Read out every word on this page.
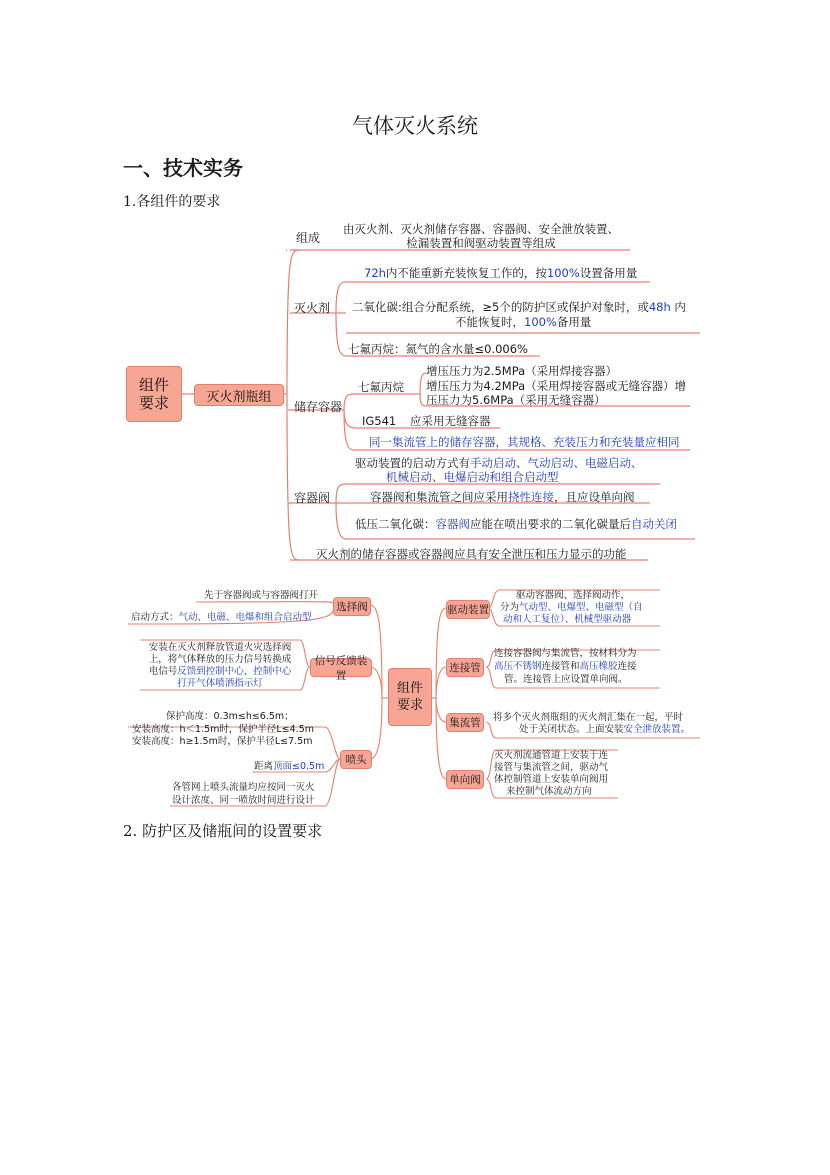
气体灭火系统
一、技术实务
1.各组件的要求
2. 防护区及储瓶间的设置要求
组件
要求	灭火剂瓶组
组成
由灭火剂、灭火剂储存容器、容器阀、安全泄放装置、
检漏装置和阀驱动装置等组成
灭火剂
72h内不能重新充装恢复工作的，按100%设置备用量
二氧化碳:组合分配系统，≥5个的防护区或保护对象时，或48h 内
不能恢复时，100%备用量
七氟丙烷：氮气的含水量≤0.006%
储存容器
七氟丙烷
增压压力为2.5MPa（采用焊接容器）
增压压力为4.2MPa（采用焊接容器或无缝容器）增
压压力为5.6MPa（采用无缝容器）
IG541 应采用无缝容器
同一集流管上的储存容器，其规格、充装压力和充装量应相同
容器阀
驱动装置的启动方式有手动启动、气动启动、电磁启动、
机械启动、电爆启动和组合启动型
容器阀和集流管之间应采用挠性连接，且应设单向阀
低压二氧化碳：容器阀应能在喷出要求的二氧化碳量后自动关闭
灭火剂的储存容器或容器阀应具有安全泄压和压力显示的功能
组件
要求
选择阀
信号反馈装置
喷头
驱动装置
连接管
集流管
单向阀
先于容器阀或与容器阀打开
启动方式：气动、电磁、电爆和组合启动型
安装在灭火剂释放管道火灾选择阀
上，将气体释放的压力信号转换成
电信号反馈到控制中心，控制中心
打开气体喷洒指示灯
保护高度：0.3m≤h≤6.5m；
安装高度：h＜1.5m时，保护半径L≤4.5m
安装高度：h≥1.5m时，保护半径L≤7.5m
距离顶面≤0.5m
各管网上喷头流量均应按同一灭火
设计浓度、同一喷放时间进行设计
驱动容器阀、选择阀动作，
分为气动型、电爆型、电磁型（自
动和人工复位）、机械型驱动器
连接容器阀与集流管，按材料分为
高压不锈钢连接管和高压橡胶连接
管。连接管上应设置单向阀。
将多个灭火剂瓶组的灭火剂汇集在一起，平时
处于关闭状态。上面安装安全泄放装置。
灭火剂流通管道上安装于连
接管与集流管之间，驱动气
体控制管道上安装单向阀用
来控制气体流动方向
